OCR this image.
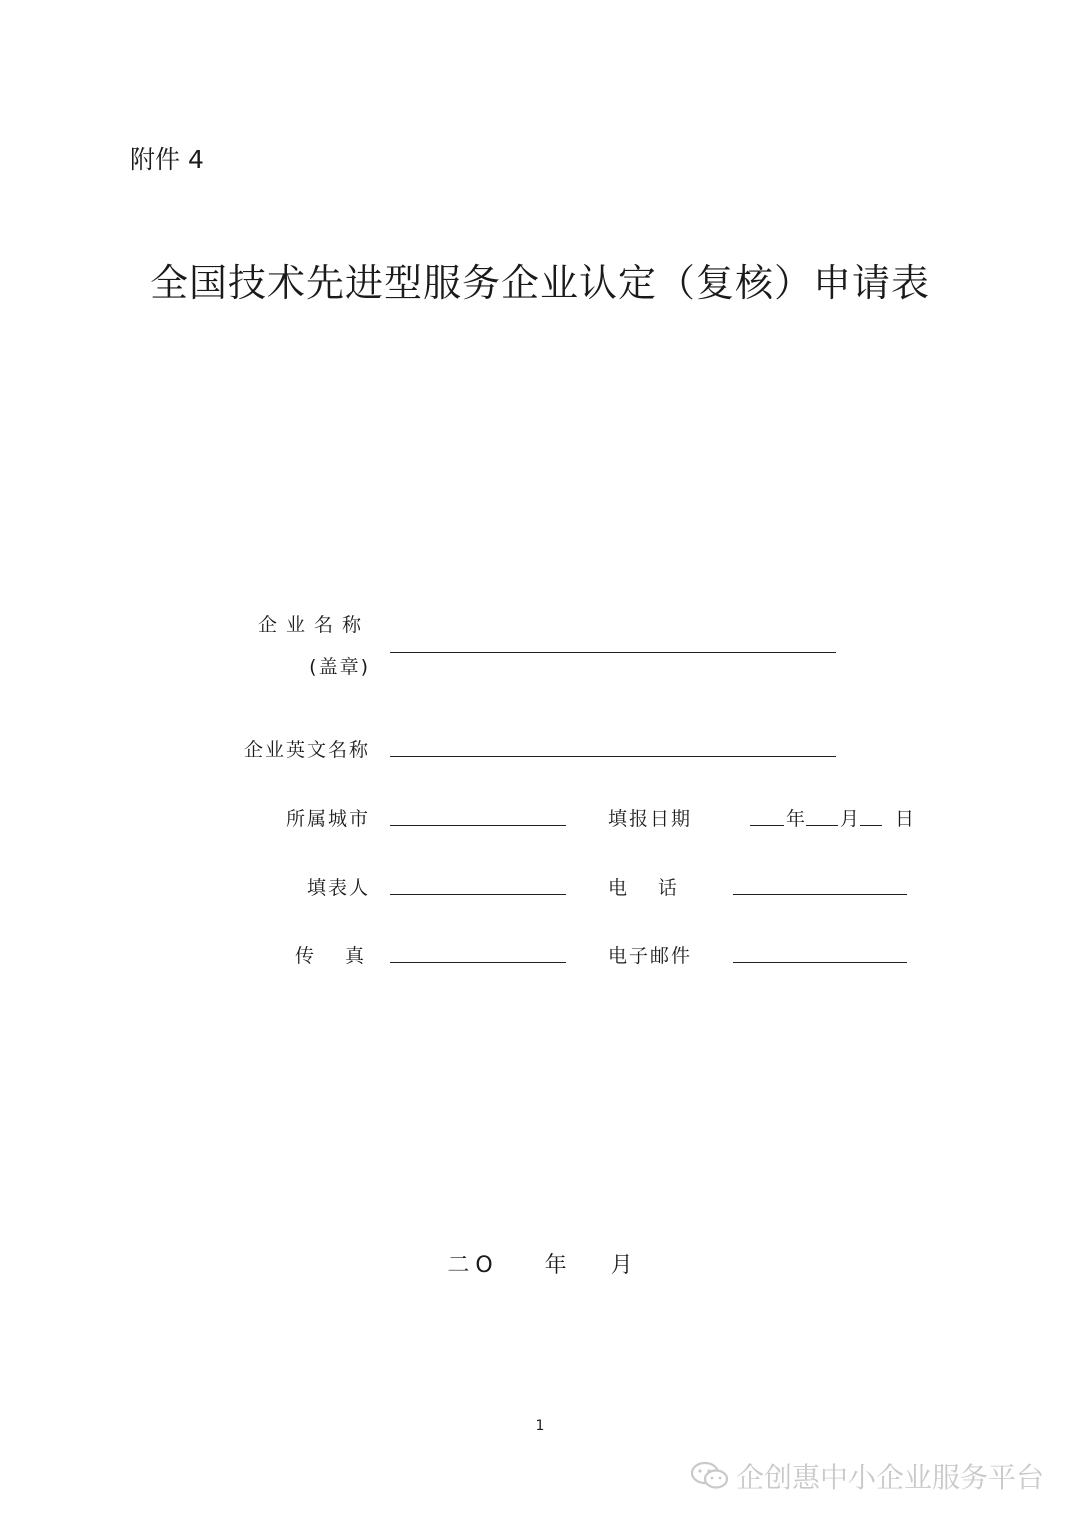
附件 4
全国技术先进型服务企业认定（复核）申请表
企业名称
(盖章)
企业英文名称
所属城市	填报日期	年 月 日
填表人	电　话
传　真	电子邮件
二O 年 月
1
企创惠中小企业服务平台
